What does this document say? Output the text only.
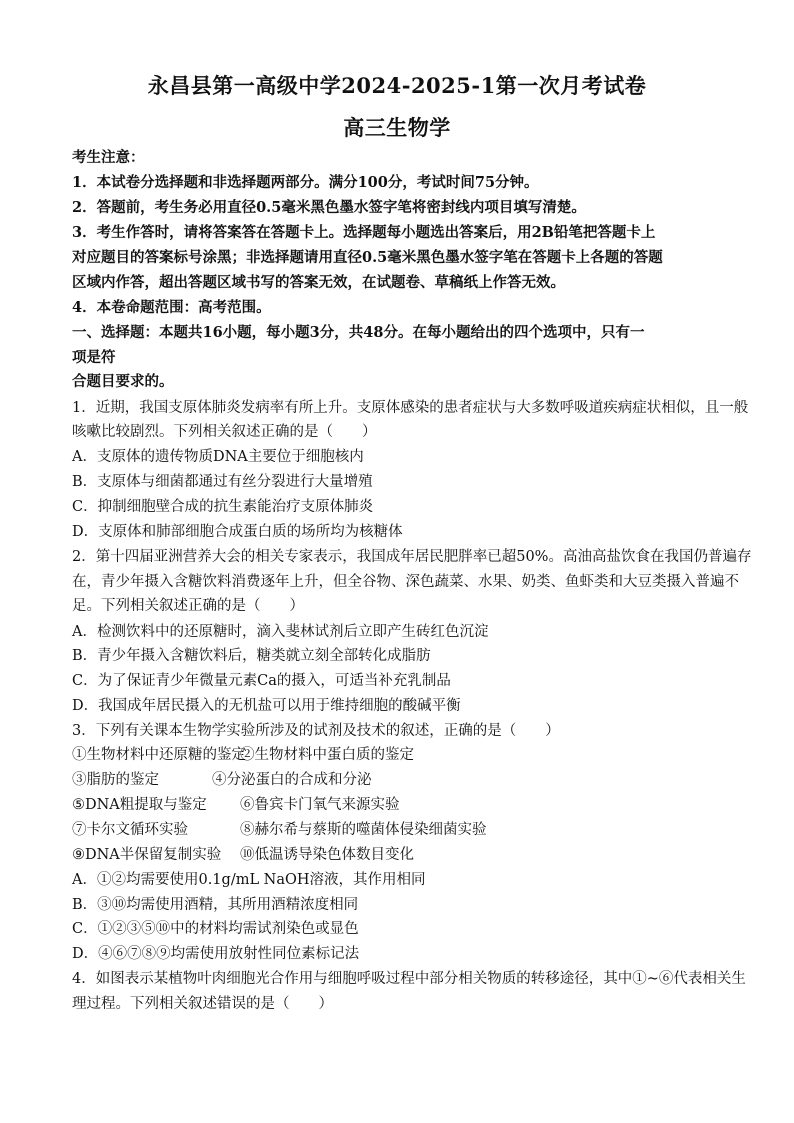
永昌县第一高级中学2024-2025-1第一次月考试卷
高三生物学
考生注意：
1．本试卷分选择题和非选择题两部分。满分100分，考试时间75分钟。
2．答题前，考生务必用直径0.5毫米黑色墨水签字笔将密封线内项目填写清楚。
3．考生作答时，请将答案答在答题卡上。选择题每小题选出答案后，用2B铅笔把答题卡上
对应题目的答案标号涂黑；非选择题请用直径0.5毫米黑色墨水签字笔在答题卡上各题的答题
区域内作答，超出答题区域书写的答案无效，在试题卷、草稿纸上作答无效。
4．本卷命题范围：高考范围。
一、选择题：本题共16小题，每小题3分，共48分。在每小题给出的四个选项中，只有一
项是符
合题目要求的。
1．近期，我国支原体肺炎发病率有所上升。支原体感染的患者症状与大多数呼吸道疾病症状相似，且一般
咳嗽比较剧烈。下列相关叙述正确的是（　　）
A．支原体的遗传物质DNA主要位于细胞核内
B．支原体与细菌都通过有丝分裂进行大量增殖
C．抑制细胞壁合成的抗生素能治疗支原体肺炎
D．支原体和肺部细胞合成蛋白质的场所均为核糖体
2．第十四届亚洲营养大会的相关专家表示，我国成年居民肥胖率已超50%。高油高盐饮食在我国仍普遍存
在，青少年摄入含糖饮料消费逐年上升，但全谷物、深色蔬菜、水果、奶类、鱼虾类和大豆类摄入普遍不
足。下列相关叙述正确的是（　　）
A．检测饮料中的还原糖时，滴入斐林试剂后立即产生砖红色沉淀
B．青少年摄入含糖饮料后，糖类就立刻全部转化成脂肪
C．为了保证青少年微量元素Ca的摄入，可适当补充乳制品
D．我国成年居民摄入的无机盐可以用于维持细胞的酸碱平衡
3．下列有关课本生物学实验所涉及的试剂及技术的叙述，正确的是（　　）
①生物材料中还原糖的鉴定
②生物材料中蛋白质的鉴定
③脂肪的鉴定	④分泌蛋白的合成和分泌
⑤DNA粗提取与鉴定 ⑥鲁宾卡门氧气来源实验
⑦卡尔文循环实验	⑧赫尔希与蔡斯的噬菌体侵染细菌实验
⑨DNA半保留复制实验 ⑩低温诱导染色体数目变化
A．①②均需要使用0.1g/mL NaOH溶液，其作用相同
B．③⑩均需使用酒精，其所用酒精浓度相同
C．①②③⑤⑩中的材料均需试剂染色或显色
D．④⑥⑦⑧⑨均需使用放射性同位素标记法
4．如图表示某植物叶肉细胞光合作用与细胞呼吸过程中部分相关物质的转移途径，其中①~⑥代表相关生
理过程。下列相关叙述错误的是（　　）
